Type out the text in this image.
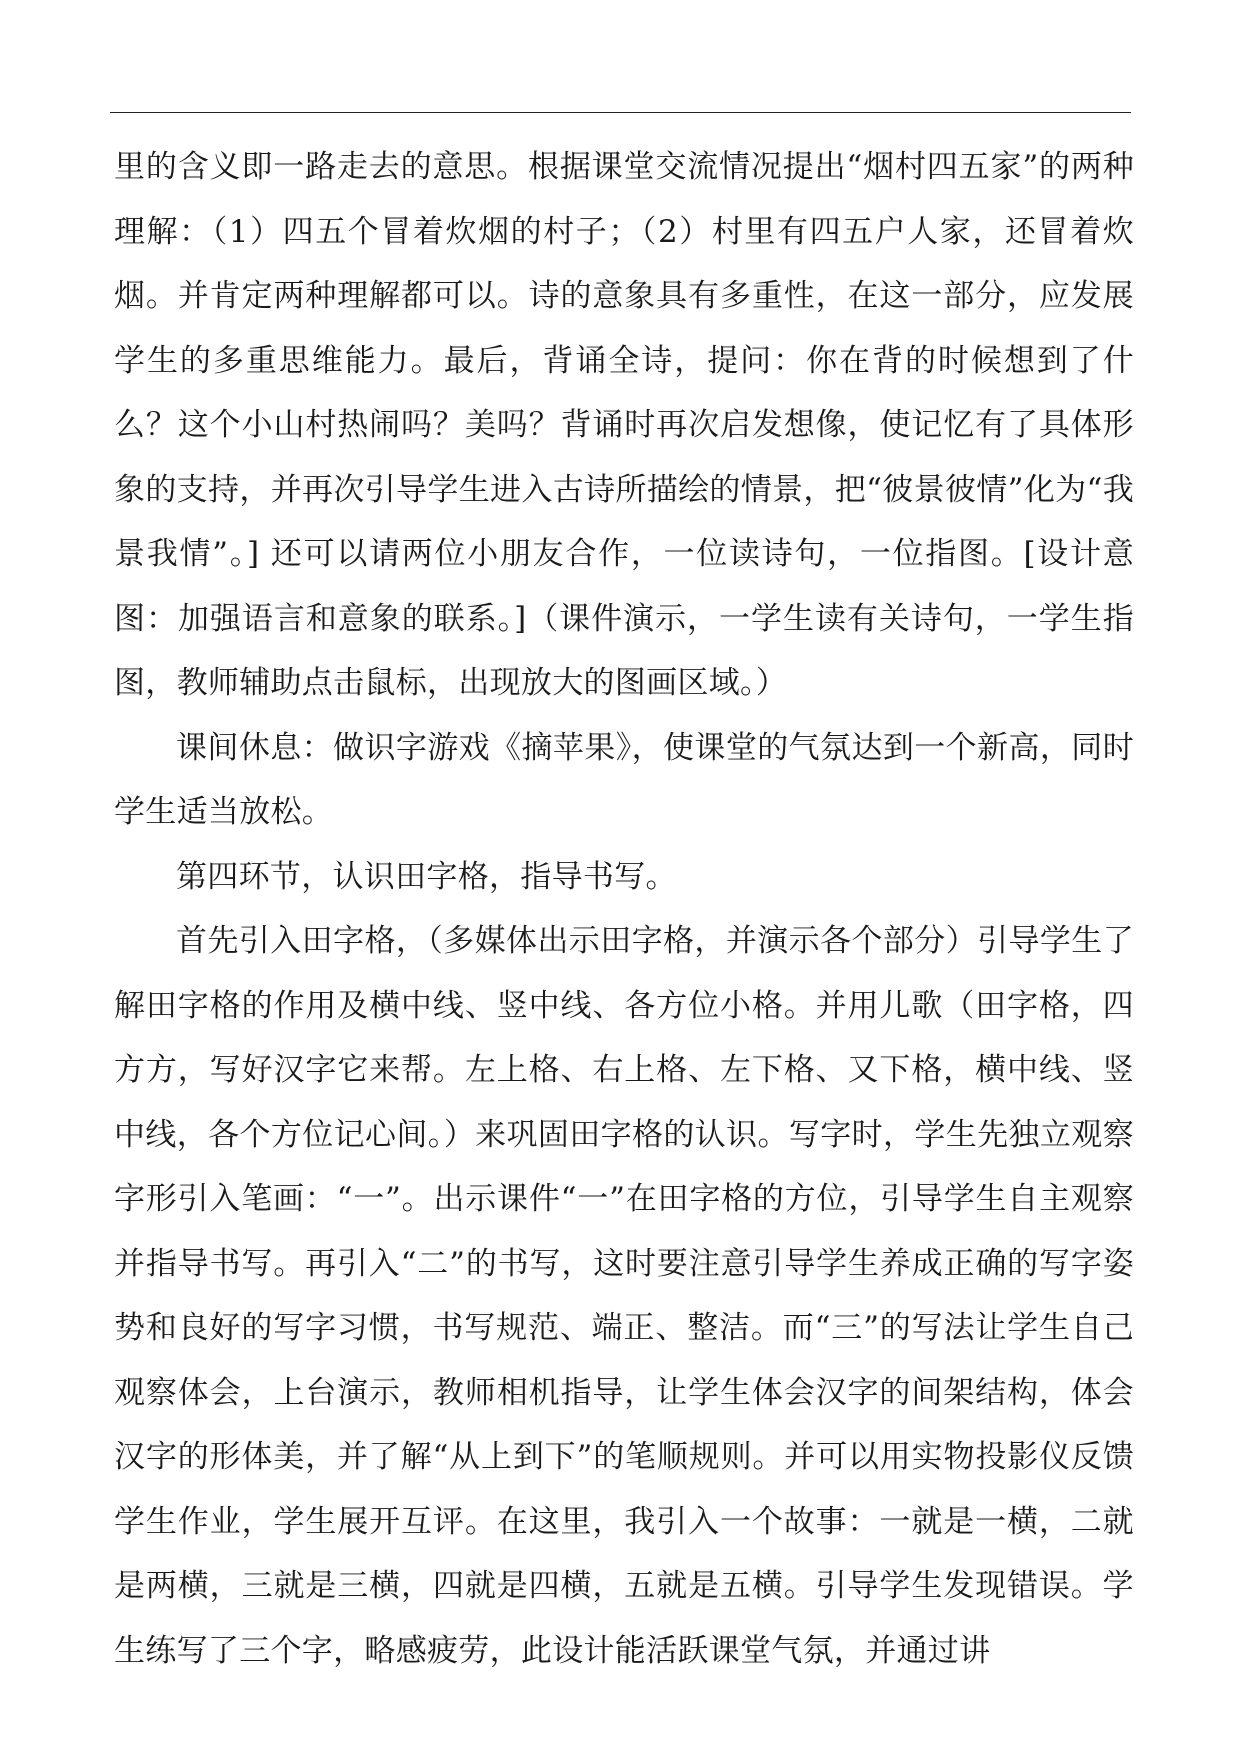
里的含义即一路走去的意思。根据课堂交流情况提出“烟村四五家”的两种理解：（1）四五个冒着炊烟的村子；（2）村里有四五户人家，还冒着炊烟。并肯定两种理解都可以。诗的意象具有多重性，在这一部分，应发展学生的多重思维能力。最后，背诵全诗，提问：你在背的时候想到了什么？这个小山村热闹吗？美吗？背诵时再次启发想像，使记忆有了具体形象的支持，并再次引导学生进入古诗所描绘的情景，把“彼景彼情”化为“我景我情”。] 还可以请两位小朋友合作，一位读诗句，一位指图。[设计意图：加强语言和意象的联系。]（课件演示，一学生读有关诗句，一学生指图，教师辅助点击鼠标，出现放大的图画区域。）

课间休息：做识字游戏《摘苹果》，使课堂的气氛达到一个新高，同时学生适当放松。

第四环节，认识田字格，指导书写。

首先引入田字格，（多媒体出示田字格，并演示各个部分）引导学生了解田字格的作用及横中线、竖中线、各方位小格。并用儿歌（田字格，四方方，写好汉字它来帮。左上格、右上格、左下格、又下格，横中线、竖中线，各个方位记心间。）来巩固田字格的认识。写字时，学生先独立观察字形引入笔画：“一”。出示课件“一”在田字格的方位，引导学生自主观察并指导书写。再引入“二”的书写，这时要注意引导学生养成正确的写字姿势和良好的写字习惯，书写规范、端正、整洁。而“三”的写法让学生自己观察体会，上台演示，教师相机指导，让学生体会汉字的间架结构，体会汉字的形体美，并了解“从上到下”的笔顺规则。并可以用实物投影仪反馈学生作业，学生展开互评。在这里，我引入一个故事：一就是一横，二就是两横，三就是三横，四就是四横，五就是五横。引导学生发现错误。学生练写了三个字，略感疲劳，此设计能活跃课堂气氛，并通过讲
